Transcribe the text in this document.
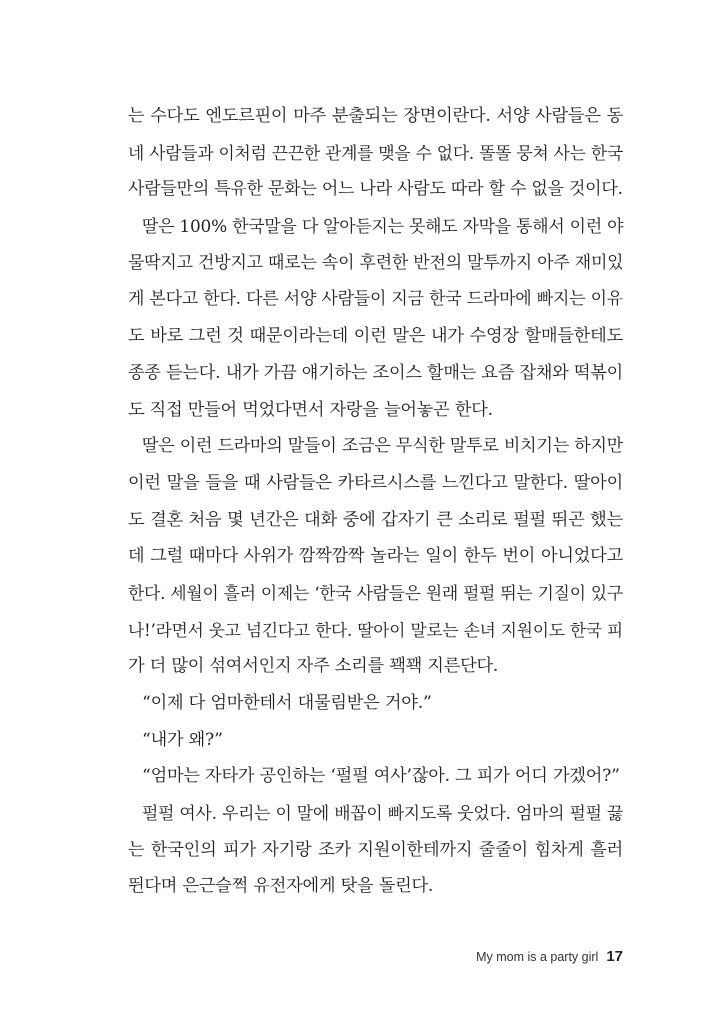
는 수다도 엔도르핀이 마주 분출되는 장면이란다. 서양 사람들은 동
네 사람들과 이처럼 끈끈한 관계를 맺을 수 없다. 똘똘 뭉쳐 사는 한국
사람들만의 특유한 문화는 어느 나라 사람도 따라 할 수 없을 것이다.
딸은 100% 한국말을 다 알아듣지는 못해도 자막을 통해서 이런 야
물딱지고 건방지고 때로는 속이 후련한 반전의 말투까지 아주 재미있
게 본다고 한다. 다른 서양 사람들이 지금 한국 드라마에 빠지는 이유
도 바로 그런 것 때문이라는데 이런 말은 내가 수영장 할매들한테도
종종 듣는다. 내가 가끔 얘기하는 조이스 할매는 요즘 잡채와 떡볶이
도 직접 만들어 먹었다면서 자랑을 늘어놓곤 한다.
딸은 이런 드라마의 말들이 조금은 무식한 말투로 비치기는 하지만
이런 말을 들을 때 사람들은 카타르시스를 느낀다고 말한다. 딸아이
도 결혼 처음 몇 년간은 대화 중에 갑자기 큰 소리로 펄펄 뛰곤 했는
데 그럴 때마다 사위가 깜짝깜짝 놀라는 일이 한두 번이 아니었다고
한다. 세월이 흘러 이제는 ‘한국 사람들은 원래 펄펄 뛰는 기질이 있구
나!’라면서 웃고 넘긴다고 한다. 딸아이 말로는 손녀 지원이도 한국 피
가 더 많이 섞여서인지 자주 소리를 꽥꽥 지른단다.
“이제 다 엄마한테서 대물림받은 거야.”
“내가 왜?”
“엄마는 자타가 공인하는 ‘펄펄 여사’잖아. 그 피가 어디 가겠어?”
펄펄 여사. 우리는 이 말에 배꼽이 빠지도록 웃었다. 엄마의 펄펄 끓
는 한국인의 피가 자기랑 조카 지원이한테까지 줄줄이 힘차게 흘러
뛴다며 은근슬쩍 유전자에게 탓을 돌린다.
My mom is a party girl 17
